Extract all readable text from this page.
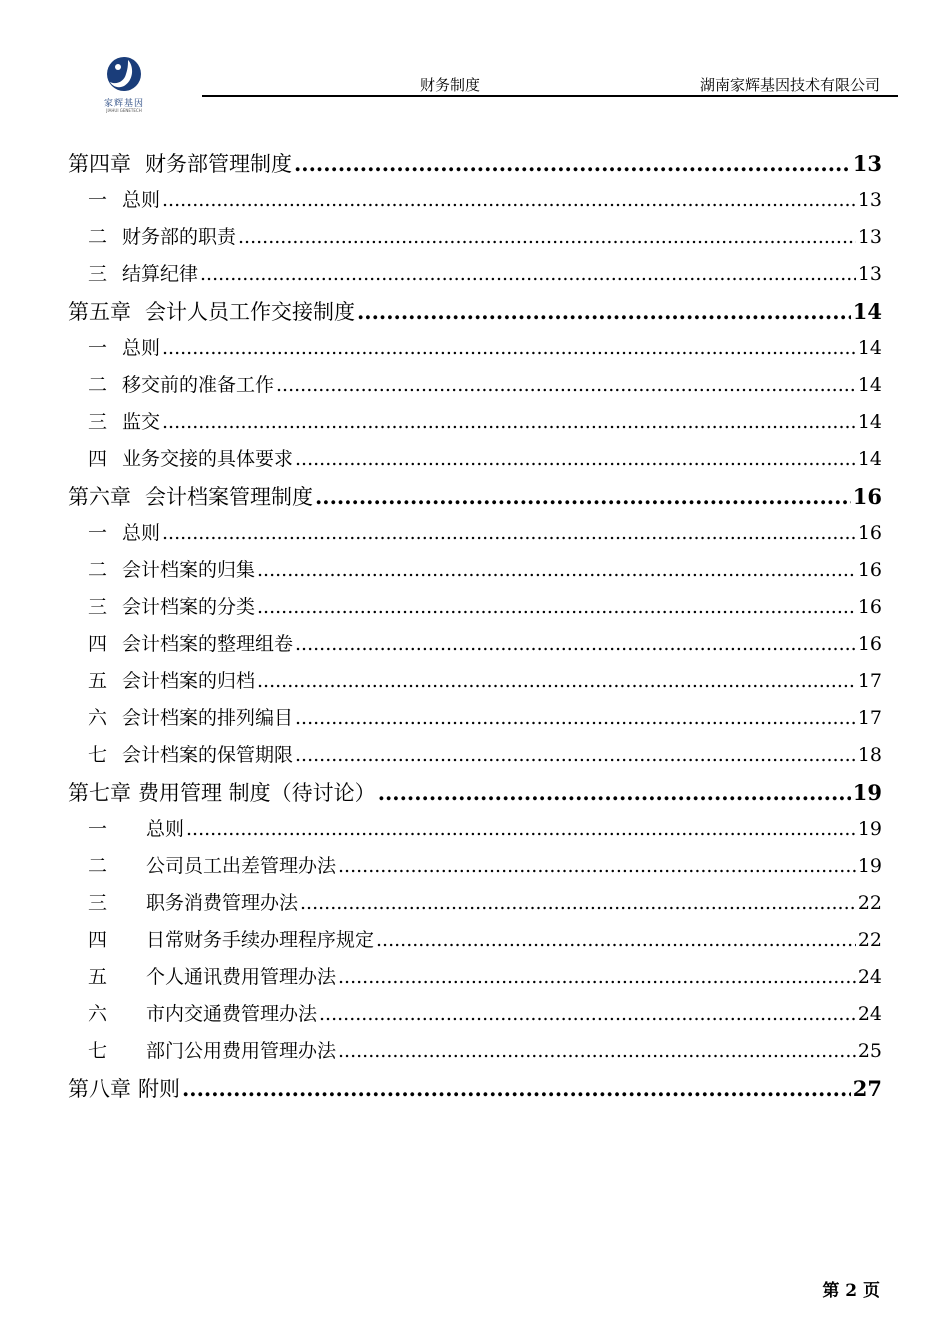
家辉基因
JIAHUI GENETECH
财务制度	湖南家辉基因技术有限公司
第四章 财务部管理制度 .....	13
一 总则 .....	13
二 财务部的职责 .....	13
三 结算纪律 .....	13
第五章 会计人员工作交接制度 .....	14
一 总则 .....	14
二 移交前的准备工作 .....	14
三 监交 .....	14
四 业务交接的具体要求 .....	14
第六章 会计档案管理制度 .....	16
一 总则 .....	16
二 会计档案的归集 .....	16
三 会计档案的分类 .....	16
四 会计档案的整理组卷 .....	16
五 会计档案的归档 .....	17
六 会计档案的排列编目 .....	17
七 会计档案的保管期限 .....	18
第七章 费用管理 制度（待讨论） .....	19
一	总则 .....	19
二	公司员工出差管理办法 .....	19
三	职务消费管理办法 .....	22
四	日常财务手续办理程序规定 .....	22
五	个人通讯费用管理办法 .....	24
六	市内交通费管理办法 .....	24
七	部门公用费用管理办法 .....	25
第八章 附则 .....	27
第 2 页
